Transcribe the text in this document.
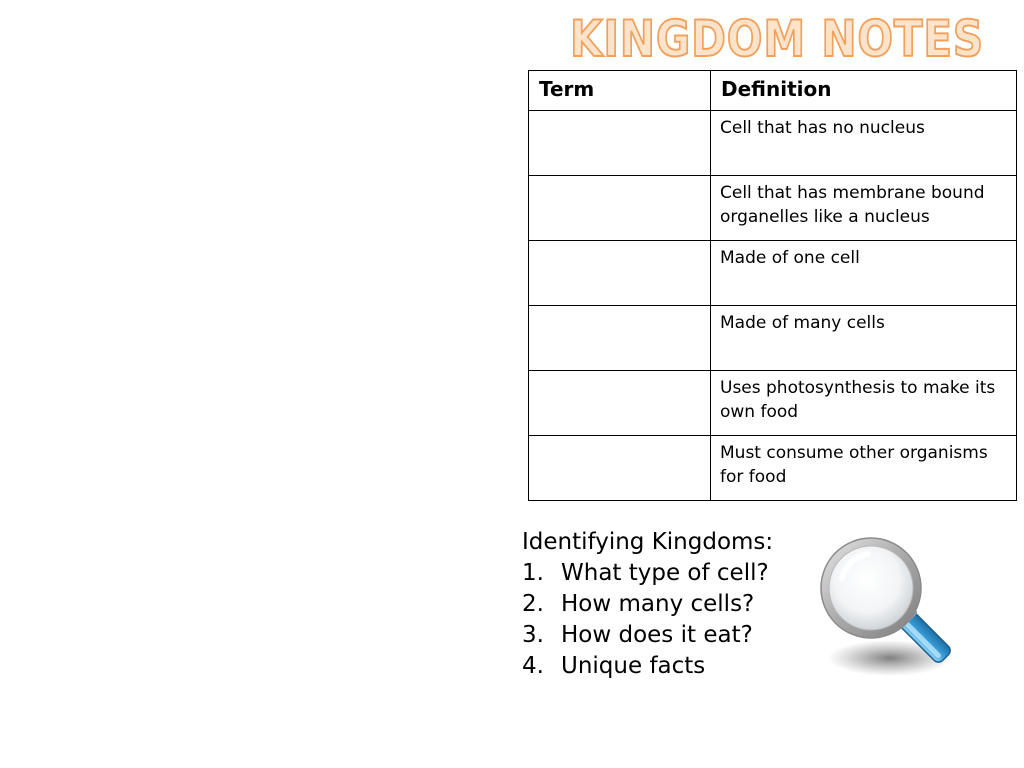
KINGDOM NOTES
Term	Definition
	Cell that has no nucleus
	Cell that has membrane bound organelles like a nucleus
	Made of one cell
	Made of many cells
	Uses photosynthesis to make its own food
	Must consume other organisms for food

Identifying Kingdoms:

1. What type of cell?
2. How many cells?
3. How does it eat?
4. Unique facts
